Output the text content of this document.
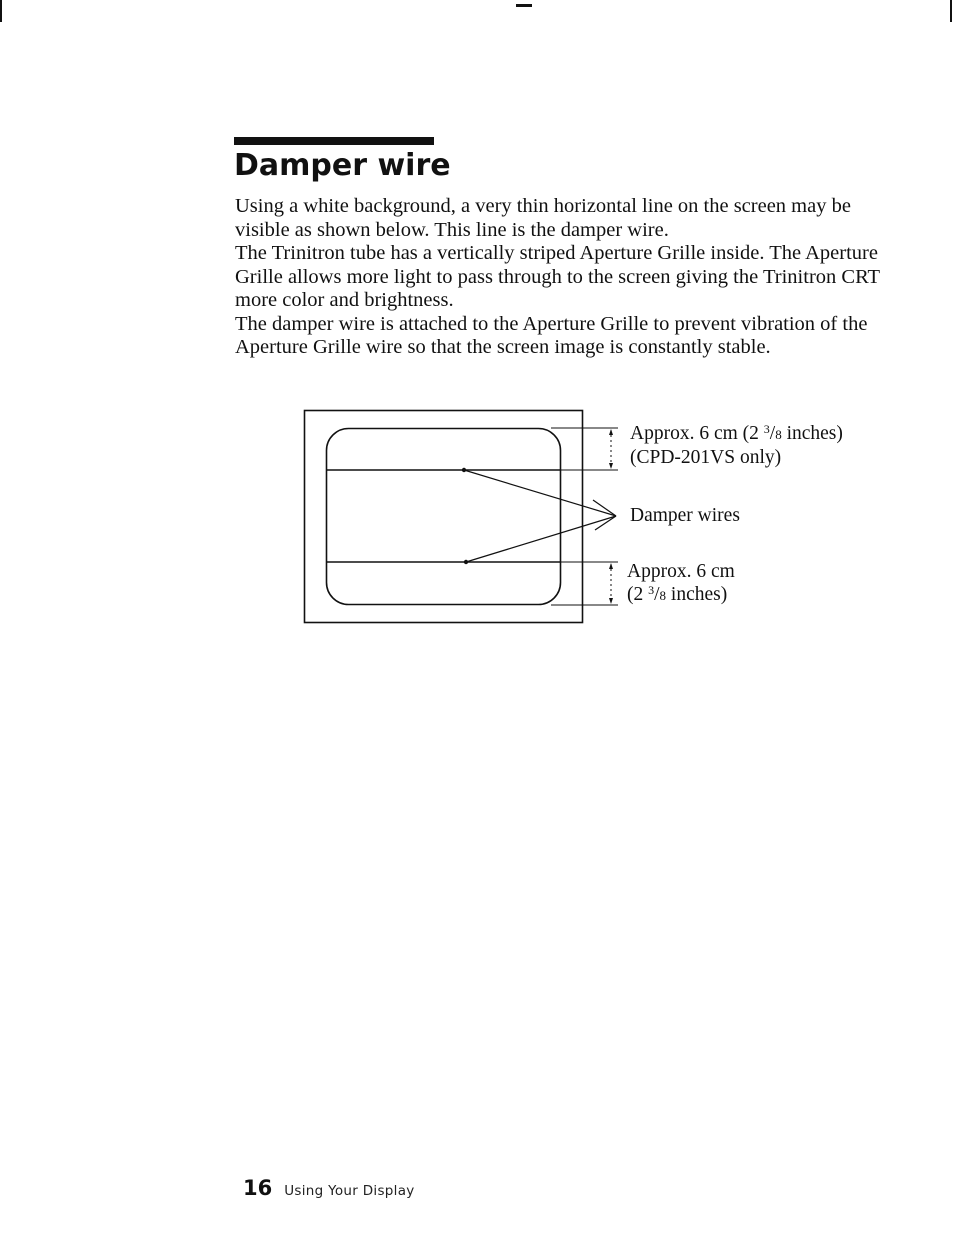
Damper wire

Using a white background, a very thin horizontal line on the screen may be visible as shown below. This line is the damper wire.

The Trinitron tube has a vertically striped Aperture Grille inside. The Aperture Grille allows more light to pass through to the screen giving the Trinitron CRT more color and brightness.

The damper wire is attached to the Aperture Grille to prevent vibration of the Aperture Grille wire so that the screen image is constantly stable.

Approx. 6 cm (2 $^3$/8 inches)
(CPD-201VS only)
Damper wires
Approx. 6 cm
(2 $^3$/8 inches)
16 Using Your Display
